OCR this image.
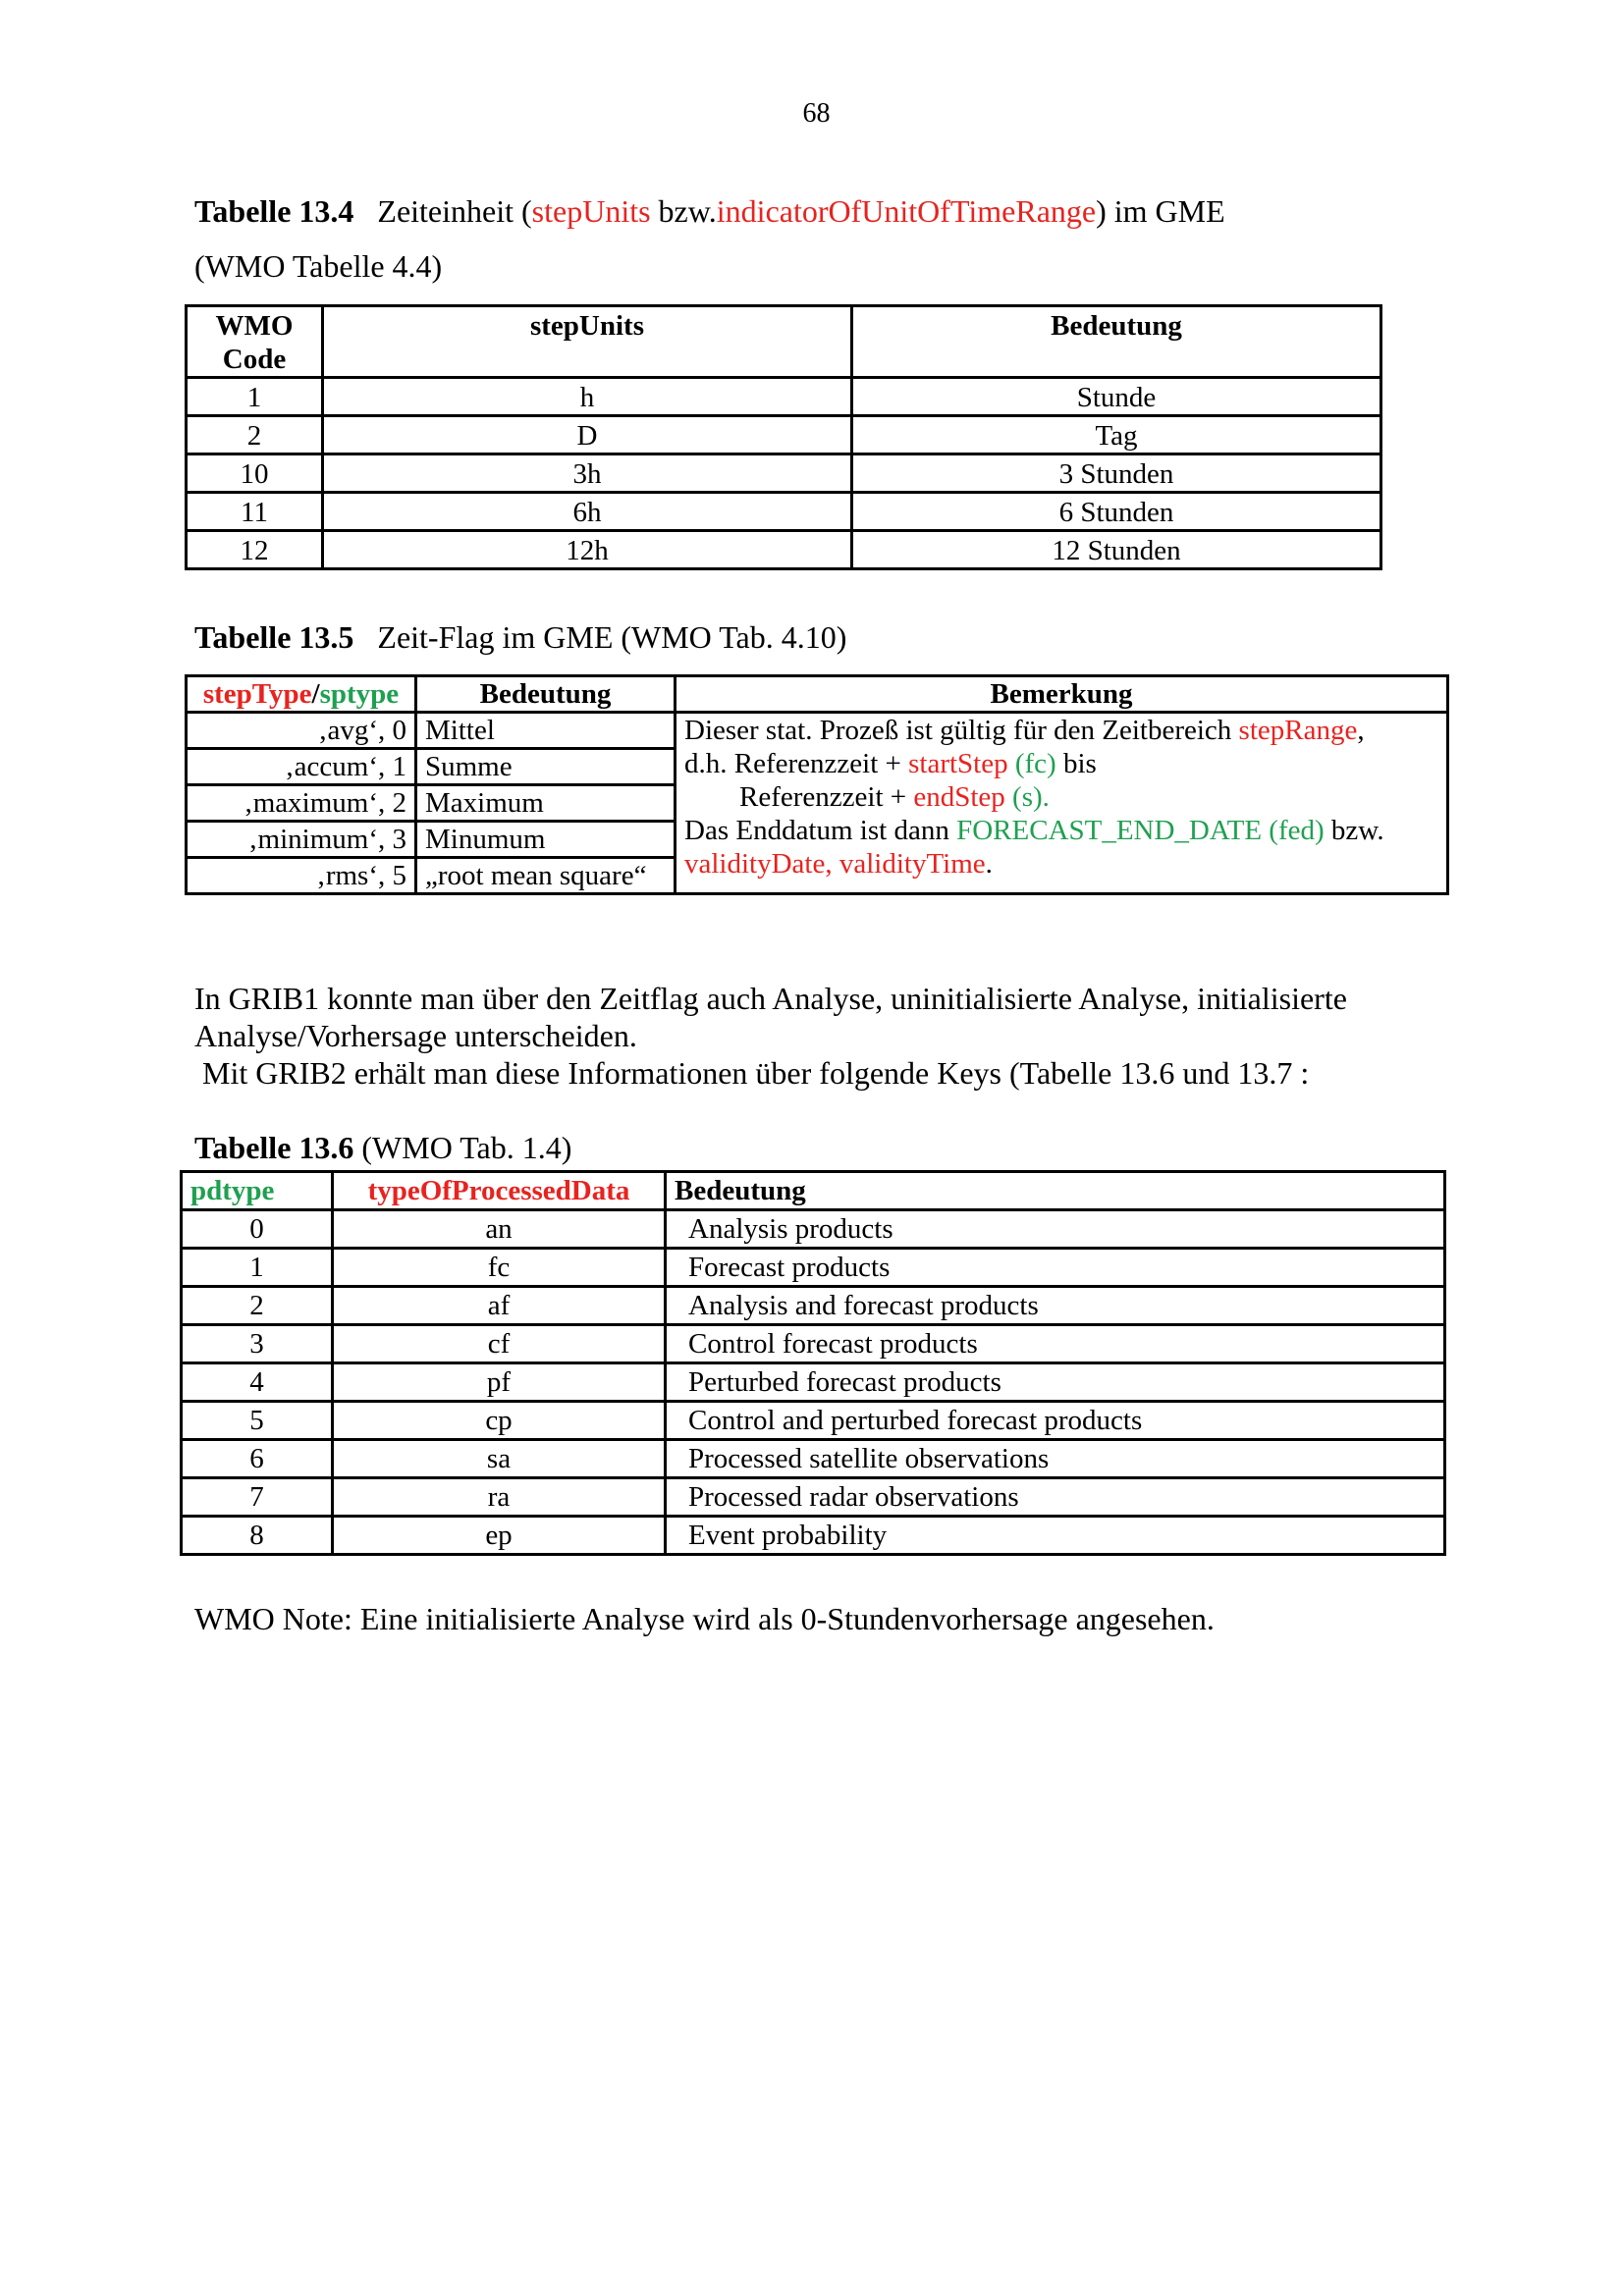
68
Tabelle 13.4 Zeiteinheit (stepUnits bzw.indicatorOfUnitOfTimeRange) im GME
(WMO Tabelle 4.4)
WMO Code	stepUnits	Bedeutung
1	h	Stunde
2	D	Tag
10	3h	3 Stunden
11	6h	6 Stunden
12	12h	12 Stunden
Tabelle 13.5 Zeit-Flag im GME (WMO Tab. 4.10)
stepType/sptype	Bedeutung	Bemerkung
‚avg‘, 0	Mittel	Dieser stat. Prozeß ist gültig für den Zeitbereich stepRange,
d.h. Referenzzeit + startStep (fc) bis
Referenzzeit + endStep (s).
Das Enddatum ist dann FORECAST_END_DATE (fed) bzw.
validityDate, validityTime.

‚accum‘, 1	Summe	
‚maximum‘, 2	Maximum	
‚minimum‘, 3	Minumum	
‚rms‘, 5	„root mean square“	
In GRIB1 konnte man über den Zeitflag auch Analyse, uninitialisierte Analyse, initialisierte
Analyse/Vorhersage unterscheiden.
Mit GRIB2 erhält man diese Informationen über folgende Keys (Tabelle 13.6 und 13.7 :
Tabelle 13.6 (WMO Tab. 1.4)
pdtype	typeOfProcessedData	Bedeutung
0	an	Analysis products
1	fc	Forecast products
2	af	Analysis and forecast products
3	cf	Control forecast products
4	pf	Perturbed forecast products
5	cp	Control and perturbed forecast products
6	sa	Processed satellite observations
7	ra	Processed radar observations
8	ep	Event probability
WMO Note: Eine initialisierte Analyse wird als 0-Stundenvorhersage angesehen.
